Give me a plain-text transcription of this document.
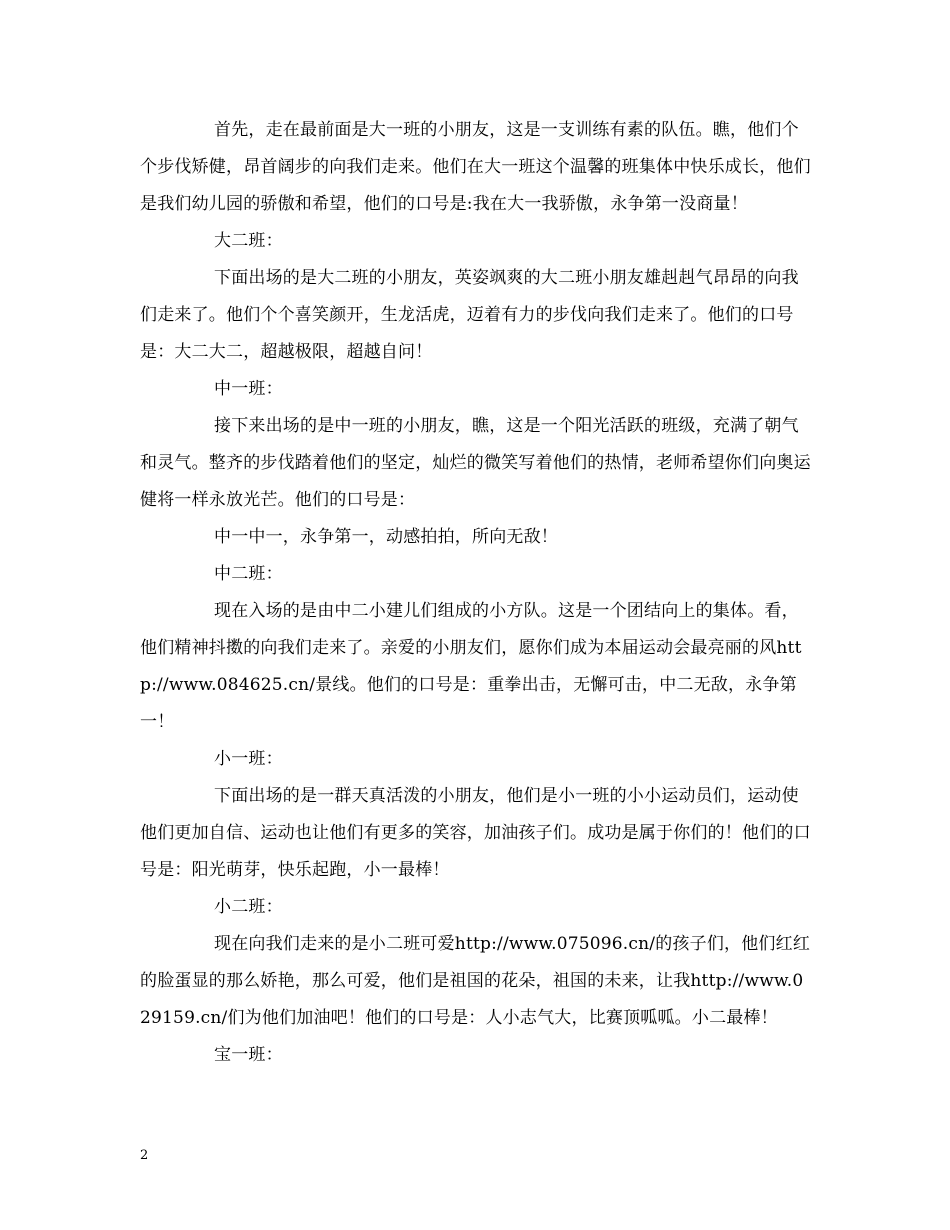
首先，走在最前面是大一班的小朋友，这是一支训练有素的队伍。瞧，他们个个步伐矫健，昂首阔步的向我们走来。他们在大一班这个温馨的班集体中快乐成长，他们是我们幼儿园的骄傲和希望，他们的口号是:我在大一我骄傲，永争第一没商量！

大二班：

下面出场的是大二班的小朋友，英姿飒爽的大二班小朋友雄赳赳气昂昂的向我们走来了。他们个个喜笑颜开，生龙活虎，迈着有力的步伐向我们走来了。他们的口号是：大二大二，超越极限，超越自问！

中一班：

接下来出场的是中一班的小朋友，瞧，这是一个阳光活跃的班级，充满了朝气和灵气。整齐的步伐踏着他们的坚定，灿烂的微笑写着他们的热情，老师希望你们向奥运健将一样永放光芒。他们的口号是：

中一中一，永争第一，动感拍拍，所向无敌！

中二班：

现在入场的是由中二小建儿们组成的小方队。这是一个团结向上的集体。看，他们精神抖擞的向我们走来了。亲爱的小朋友们，愿你们成为本届运动会最亮丽的风http://www.084625.cn/景线。他们的口号是：重拳出击，无懈可击，中二无敌，永争第一！

小一班：

下面出场的是一群天真活泼的小朋友，他们是小一班的小小运动员们，运动使他们更加自信、运动也让他们有更多的笑容，加油孩子们。成功是属于你们的！他们的口号是：阳光萌芽，快乐起跑，小一最棒！

小二班：

现在向我们走来的是小二班可爱http://www.075096.cn/的孩子们，他们红红的脸蛋显的那么娇艳，那么可爱，他们是祖国的花朵，祖国的未来，让我http://www.029159.cn/们为他们加油吧！他们的口号是：人小志气大，比赛顶呱呱。小二最棒！

宝一班：

2
